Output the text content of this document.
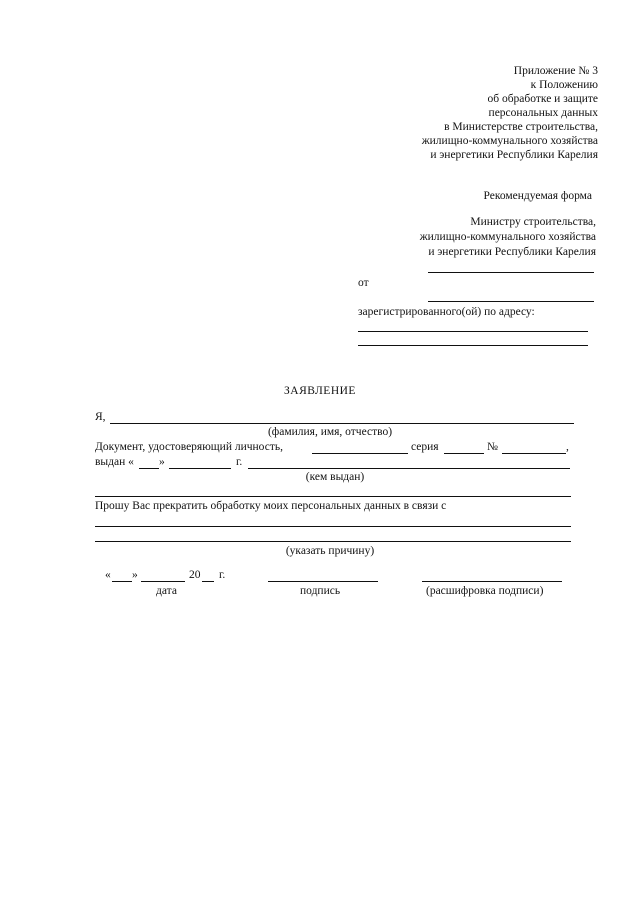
Приложение № 3
к Положению
об обработке и защите
персональных данных
в Министерстве строительства,
жилищно-коммунального хозяйства
и энергетики Республики Карелия
Рекомендуемая форма
Министру строительства,
жилищно-коммунального хозяйства
и энергетики Республики Карелия
от
зарегистрированного(ой) по адресу:
ЗАЯВЛЕНИЕ
Я,
(фамилия, имя, отчество)
Документ, удостоверяющий личность,	серия	№	,
выдан « »	г.
(кем выдан)
Прошу Вас прекратить обработку моих персональных данных в связи с
(указать причину)
« »	20 г.
дата	подпись	(расшифровка подписи)
